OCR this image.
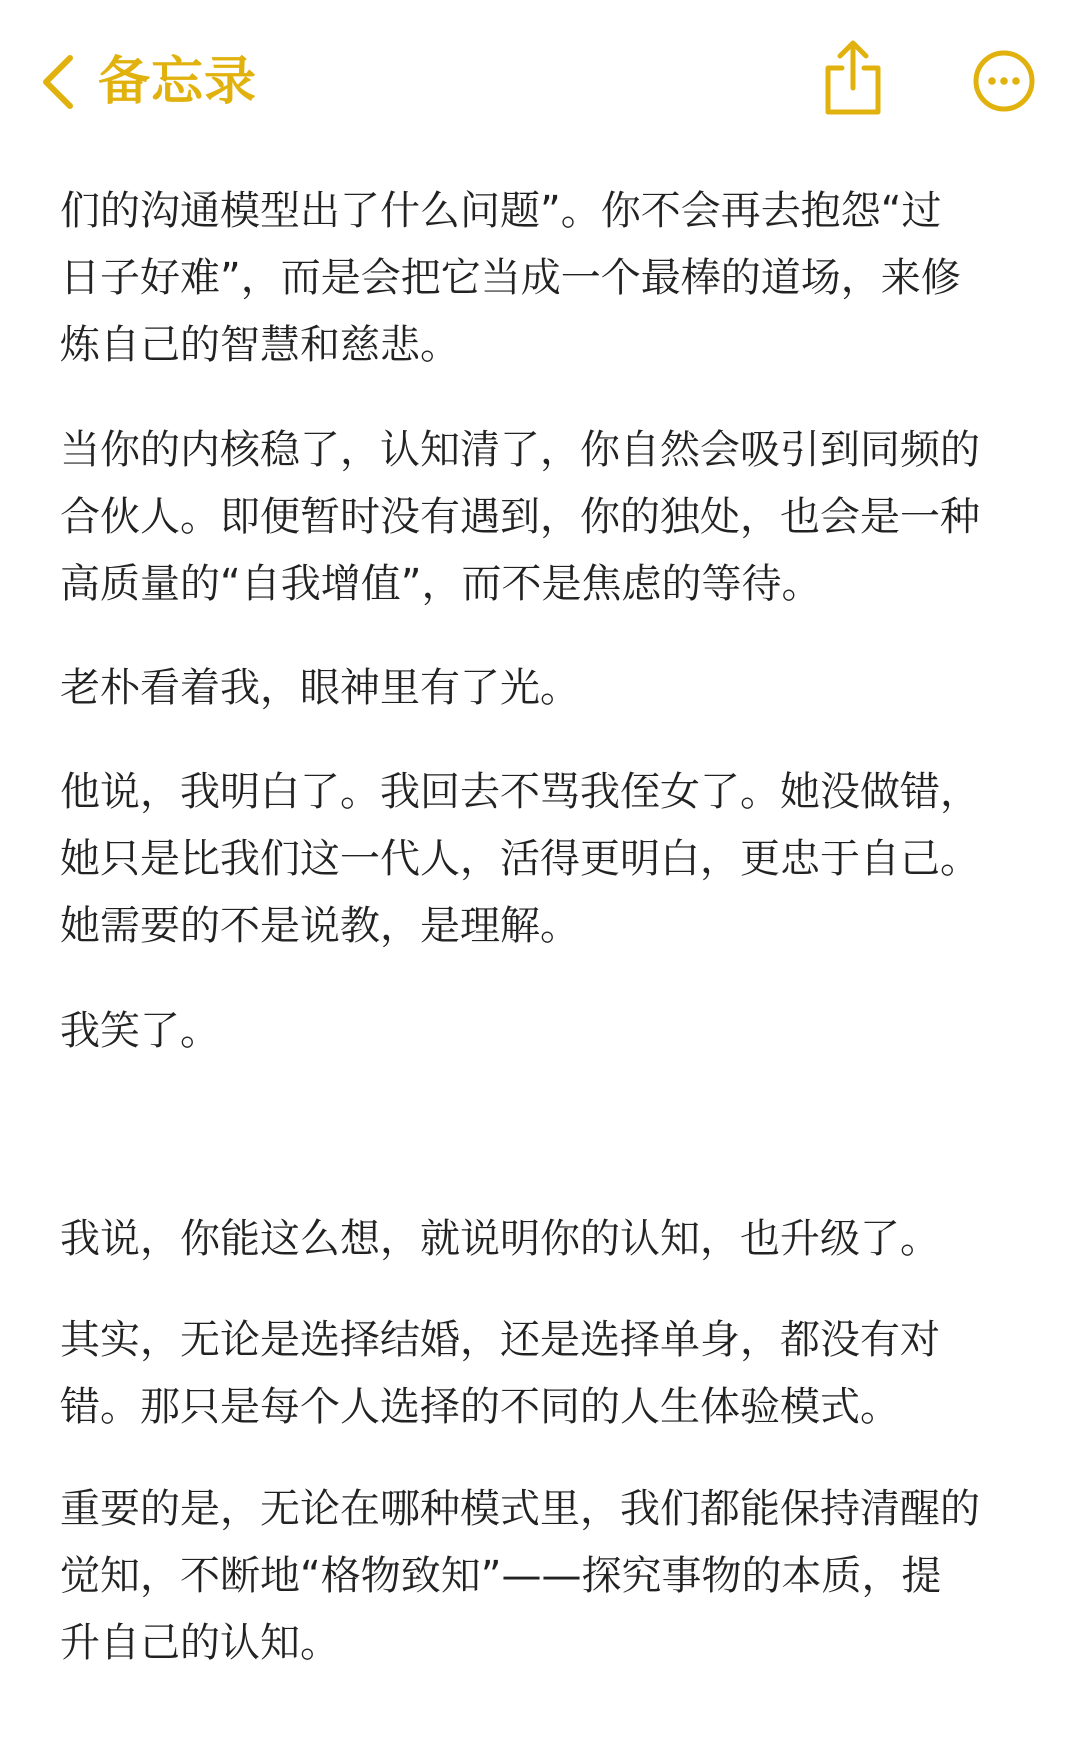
备忘录

们的沟通模型出了什么问题”。你不会再去抱怨“过
日子好难”，而是会把它当成一个最棒的道场，来修
炼自己的智慧和慈悲。

当你的内核稳了，认知清了，你自然会吸引到同频的
合伙人。即便暂时没有遇到，你的独处，也会是一种
高质量的“自我增值”，而不是焦虑的等待。

老朴看着我，眼神里有了光。

他说，我明白了。我回去不骂我侄女了。她没做错，
她只是比我们这一代人，活得更明白，更忠于自己。
她需要的不是说教，是理解。

我笑了。

我说，你能这么想，就说明你的认知，也升级了。

其实，无论是选择结婚，还是选择单身，都没有对
错。那只是每个人选择的不同的人生体验模式。

重要的是，无论在哪种模式里，我们都能保持清醒的
觉知，不断地“格物致知”——探究事物的本质，提
升自己的认知。
